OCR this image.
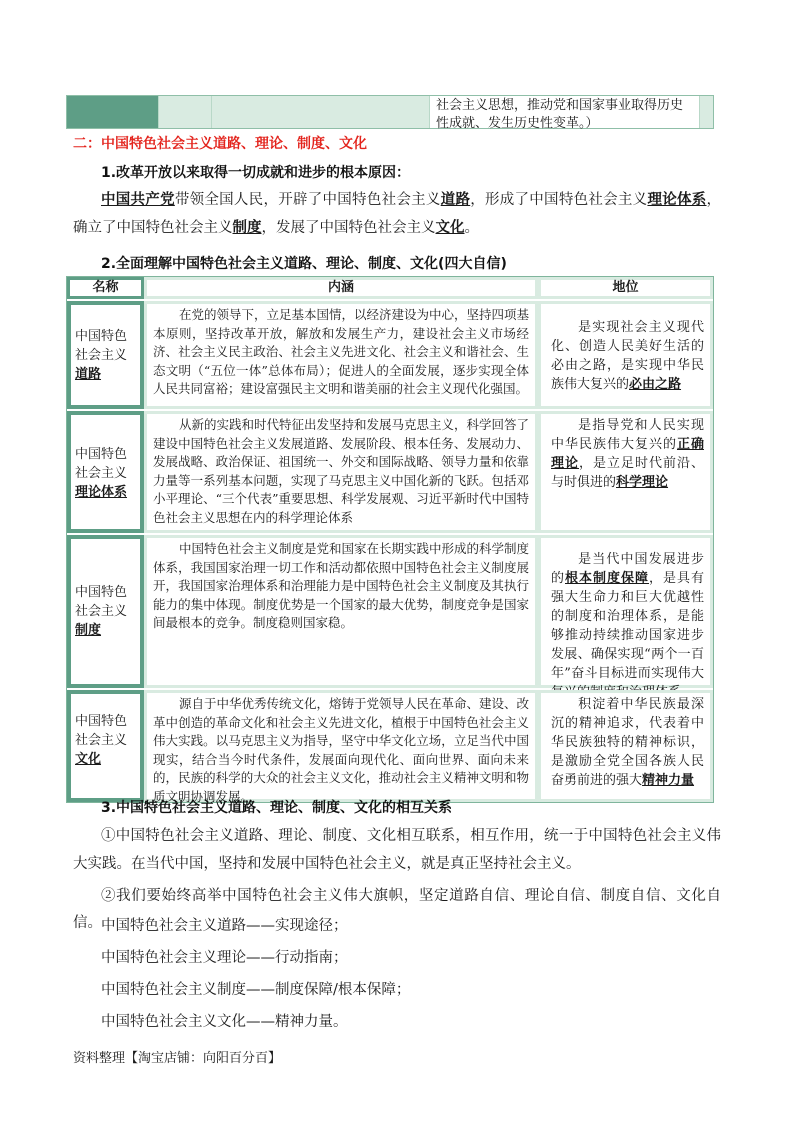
社会主义思想，推动党和国家事业取得历史性成就、发生历史性变革。）
二：中国特色社会主义道路、理论、制度、文化
1.改革开放以来取得一切成就和进步的根本原因：
中国共产党带领全国人民，开辟了中国特色社会主义道路，形成了中国特色社会主义理论体系，确立了中国特色社会主义制度，发展了中国特色社会主义文化。
2.全面理解中国特色社会主义道路、理论、制度、文化(四大自信)
名称	内涵	地位
中国特色社会主义
道路
在党的领导下，立足基本国情，以经济建设为中心，坚持四项基本原则，坚持改革开放，解放和发展生产力，建设社会主义市场经济、社会主义民主政治、社会主义先进文化、社会主义和谐社会、生态文明（“五位一体”总体布局）；促进人的全面发展，逐步实现全体人民共同富裕；建设富强民主文明和谐美丽的社会主义现代化强国。
是实现社会主义现代化、创造人民美好生活的必由之路，是实现中华民族伟大复兴的必由之路
中国特色社会主义
理论体系
从新的实践和时代特征出发坚持和发展马克思主义，科学回答了建设中国特色社会主义发展道路、发展阶段、根本任务、发展动力、发展战略、政治保证、祖国统一、外交和国际战略、领导力量和依靠力量等一系列基本问题，实现了马克思主义中国化新的飞跃。包括邓小平理论、“三个代表”重要思想、科学发展观、习近平新时代中国特色社会主义思想在内的科学理论体系
是指导党和人民实现中华民族伟大复兴的正确理论，是立足时代前沿、与时俱进的科学理论
中国特色社会主义
制度
中国特色社会主义制度是党和国家在长期实践中形成的科学制度体系，我国国家治理一切工作和活动都依照中国特色社会主义制度展开，我国国家治理体系和治理能力是中国特色社会主义制度及其执行能力的集中体现。制度优势是一个国家的最大优势，制度竞争是国家间最根本的竞争。制度稳则国家稳。
是当代中国发展进步的根本制度保障，是具有强大生命力和巨大优越性的制度和治理体系，是能够推动持续推动国家进步发展、确保实现“两个一百年”奋斗目标进而实现伟大
中国特色社会主义
文化
源自于中华优秀传统文化，熔铸于党领导人民在革命、建设、改革中创造的革命文化和社会主义先进文化，植根于中国特色社会主义伟大实践。以马克思主义为指导，坚守中华文化立场，立足当代中国现实，结合当今时代条件，发展面向现代化、面向世界、面向未来的，民族的科学的大众的社会主义文化，推动社会主义精神文明和物质文明协调发展。
积淀着中华民族最深沉的精神追求，代表着中华民族独特的精神标识，是激励全党全国各族人民奋勇前进的强大精神力量
3.中国特色社会主义道路、理论、制度、文化的相互关系
①中国特色社会主义道路、理论、制度、文化相互联系，相互作用，统一于中国特色社会主义伟大实践。在当代中国，坚持和发展中国特色社会主义，就是真正坚持社会主义。
②我们要始终高举中国特色社会主义伟大旗帜，坚定道路自信、理论自信、制度自信、文化自信。 中国特色社会主义道路——实现途径；
中国特色社会主义理论——行动指南；
中国特色社会主义制度——制度保障/根本保障；
中国特色社会主义文化——精神力量。
资料整理【淘宝店铺：向阳百分百】
